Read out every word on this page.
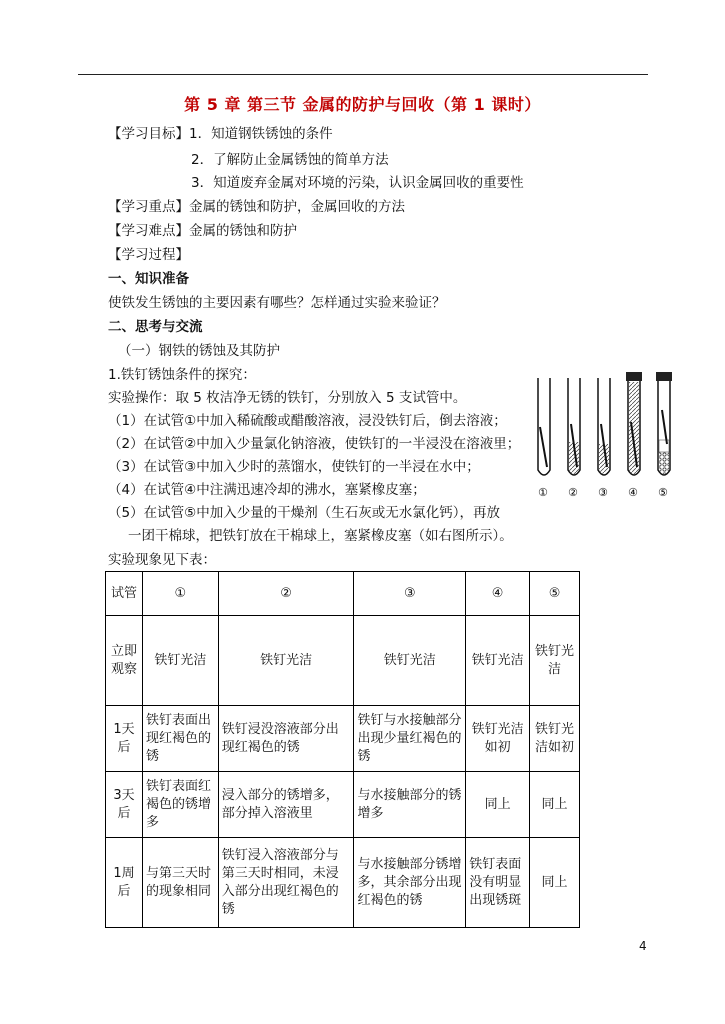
第 5 章 第三节 金属的防护与回收（第 1 课时）
【学习目标】1．知道钢铁锈蚀的条件
2．了解防止金属锈蚀的简单方法
3．知道废弃金属对环境的污染，认识金属回收的重要性
【学习重点】金属的锈蚀和防护，金属回收的方法
【学习难点】金属的锈蚀和防护
【学习过程】
一、知识准备
使铁发生锈蚀的主要因素有哪些？怎样通过实验来验证？
二、思考与交流
（一）钢铁的锈蚀及其防护
1.铁钉锈蚀条件的探究：
实验操作：取 5 枚洁净无锈的铁钉，分别放入 5 支试管中。
（1）在试管①中加入稀硫酸或醋酸溶液，浸没铁钉后，倒去溶液；
（2）在试管②中加入少量氯化钠溶液，使铁钉的一半浸没在溶液里；
（3）在试管③中加入少时的蒸馏水，使铁钉的一半浸在水中；
（4）在试管④中注满迅速冷却的沸水，塞紧橡皮塞；
（5）在试管⑤中加入少量的干燥剂（生石灰或无水氯化钙），再放
一团干棉球，把铁钉放在干棉球上，塞紧橡皮塞（如右图所示）。
实验现象见下表：
① ② ③ ④ ⑤
试管	①	②	③	④	⑤
立即观察	铁钉光洁	铁钉光洁	铁钉光洁	铁钉光洁	铁钉光洁
1天后	铁钉表面出现红褐色的锈	铁钉浸没溶液部分出现红褐色的锈	铁钉与水接触部分出现少量红褐色的锈	铁钉光洁如初	铁钉光洁如初
3天后	铁钉表面红褐色的锈增多	浸入部分的锈增多，部分掉入溶液里	与水接触部分的锈增多	同上	同上
1周后	与第三天时的现象相同	铁钉浸入溶液部分与第三天时相同，未浸入部分出现红褐色的锈	与水接触部分锈增多，其余部分出现红褐色的锈	铁钉表面没有明显出现锈斑	同上
4
